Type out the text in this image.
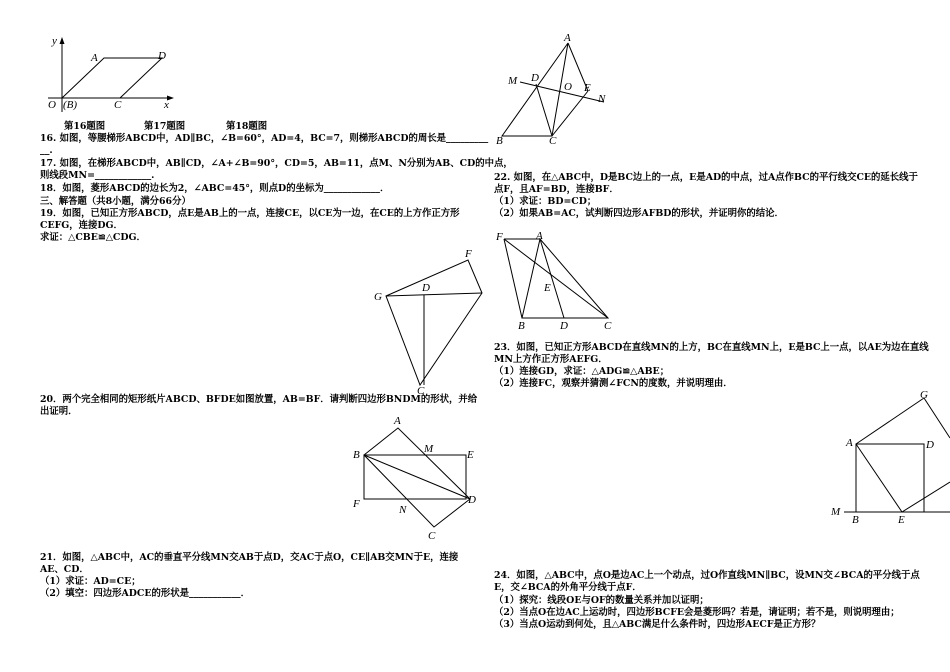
y
A	D
O (B)	C	x
第16题图	第17题图	第18题图
16. 如图，等腰梯形ABCD中，AD∥BC，∠B=60°，AD=4，BC=7，则梯形ABCD的周长是_________
__.
17. 如图，在梯形ABCD中，AB∥CD，∠A+∠B=90°，CD=5，AB=11，点M、N分别为AB、CD的中点，
则线段MN=____________.
18．如图，菱形ABCD的边长为2，∠ABC=45°，则点D的坐标为____________．
三、解答题（共8小题，满分66分）
19．如图，已知正方形ABCD，点E是AB上的一点，连接CE，以CE为一边，在CE的上方作正方形
CEFG，连接DG．
求证：△CBE≌△CDG．
F
G
D
C
20．两个完全相同的矩形纸片ABCD、BFDE如图放置，AB=BF．请判断四边形BNDM的形状，并给
出证明．
A
M
B	E
F	D
N
C
21．如图，△ABC中，AC的垂直平分线MN交AB于点D，交AC于点O，CE∥AB交MN于E，连接
AE、CD．
（1）求证：AD=CE；
（2）填空：四边形ADCE的形状是___________．
A
M D
O E
N
B	C
22. 如图，在△ABC中，D是BC边上的一点，E是AD的中点，过A点作BC的平行线交CE的延长线于
点F，且AF=BD，连接BF．
（1）求证：BD=CD；
（2）如果AB=AC，试判断四边形AFBD的形状，并证明你的结论．
F	A
E
B	D	C
23．如图，已知正方形ABCD在直线MN的上方，BC在直线MN上，E是BC上一点，以AE为边在直线
MN上方作正方形AEFG．
（1）连接GD，求证：△ADG≌△ABE；
（2）连接FC，观察并猜测∠FCN的度数，并说明理由．
G
A	D
M
B	E
24．如图，△ABC中，点O是边AC上一个动点，过O作直线MN∥BC，设MN交∠BCA的平分线于点
E，交∠BCA的外角平分线于点F．
（1）探究：线段OE与OF的数量关系并加以证明；
（2）当点O在边AC上运动时，四边形BCFE会是菱形吗？若是，请证明；若不是，则说明理由；
（3）当点O运动到何处，且△ABC满足什么条件时，四边形AECF是正方形？
